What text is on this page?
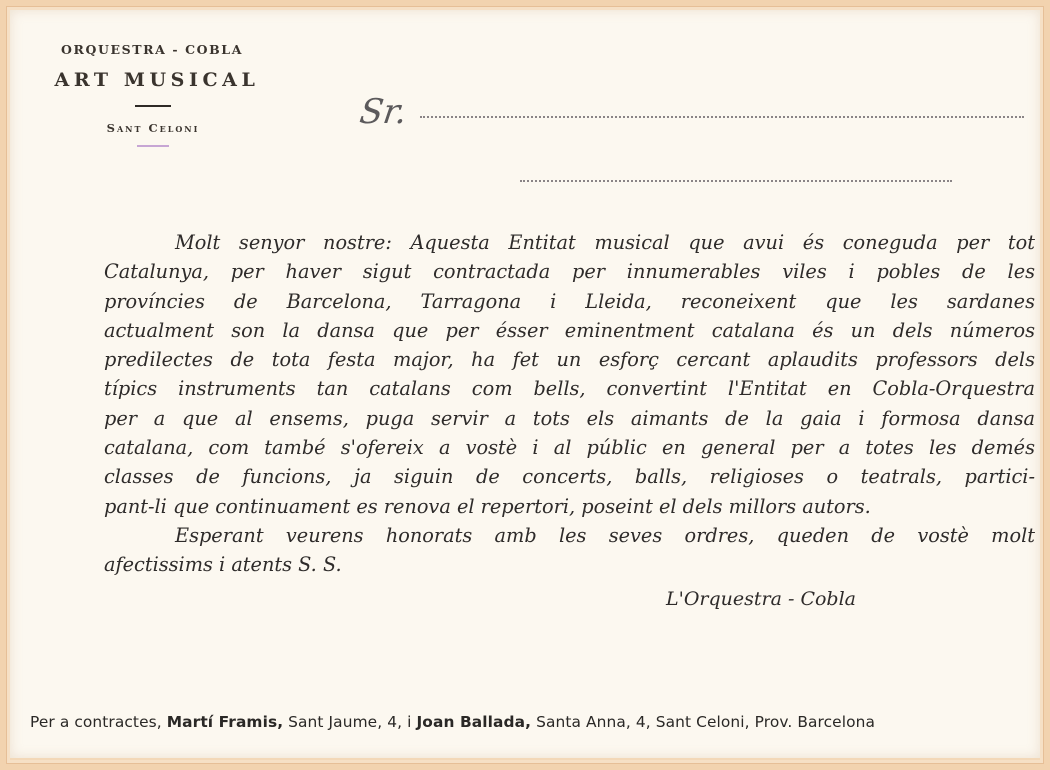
ORQUESTRA - COBLA
ART MUSICAL
Sant Celoni	Sr.
Molt senyor nostre: Aquesta Entitat musical que avui és coneguda per tot
Catalunya, per haver sigut contractada per innumerables viles i pobles de les
províncies de Barcelona, Tarragona i Lleida, reconeixent que les sardanes
actualment son la dansa que per ésser eminentment catalana és un dels números
predilectes de tota festa major, ha fet un esforç cercant aplaudits professors dels
típics instruments tan catalans com bells, convertint l'Entitat en Cobla-Orquestra
per a que al ensems, puga servir a tots els aimants de la gaia i formosa dansa
catalana, com també s'ofereix a vostè i al públic en general per a totes les demés
classes de funcions, ja siguin de concerts, balls, religioses o teatrals, partici-
pant-li que continuament es renova el repertori, poseint el dels millors autors.
Esperant veurens honorats amb les seves ordres, queden de vostè molt
afectissims i atents S. S.
L'Orquestra - Cobla
Per a contractes, Martí Framis, Sant Jaume, 4, i Joan Ballada, Santa Anna, 4, Sant Celoni, Prov. Barcelona
